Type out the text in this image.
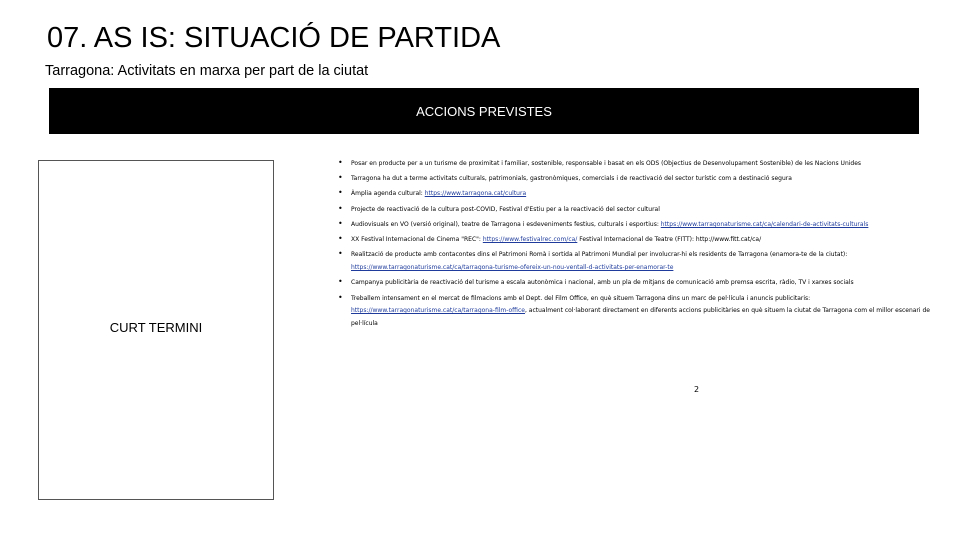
07. AS IS: SITUACIÓ DE PARTIDA
Tarragona: Activitats en marxa per part de la ciutat
ACCIONS PREVISTES
CURT TERMINI
• Posar en producte per a un turisme de proximitat i familiar, sostenible, responsable i basat en els ODS (Objectius de Desenvolupament Sostenible) de les Nacions Unides
• Tarragona ha dut a terme activitats culturals, patrimonials, gastronòmiques, comercials i de reactivació del sector turístic com a destinació segura
• Àmplia agenda cultural: https://www.tarragona.cat/cultura
• Projecte de reactivació de la cultura post-COVID, Festival d'Estiu per a la reactivació del sector cultural
• Audiovisuals en VO (versió original), teatre de Tarragona i esdeveniments festius, culturals i esportius: https://www.tarragonaturisme.cat/ca/calendari-de-activitats-culturals
• XX Festival Internacional de Cinema "REC": https://www.festivalrec.com/ca/ Festival Internacional de Teatre (FITT): http://www.fitt.cat/ca/
• Realització de producte amb contacontes dins el Patrimoni Romà i sortida al Patrimoni Mundial per involucrar-hi els residents de Tarragona (enamora-te de la ciutat): https://www.tarragonaturisme.cat/ca/tarragona-turisme-ofereix-un-nou-ventall-d-activitats-per-enamorar-te
• Campanya publicitària de reactivació del turisme a escala autonòmica i nacional, amb un pla de mitjans de comunicació amb premsa escrita, ràdio, TV i xarxes socials
• Treballem intensament en el mercat de filmacions amb el Dept. del Film Office, en què situem Tarragona dins un marc de pel·lícula i anuncis publicitaris: https://www.tarragonaturisme.cat/ca/tarragona-film-office, actualment col·laborant directament en diferents accions publicitàries en què situem la ciutat de Tarragona com el millor escenari de pel·lícula
2
